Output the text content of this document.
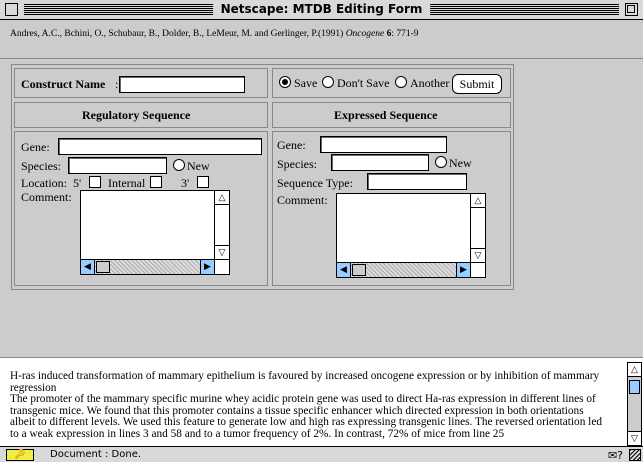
Netscape: MTDB Editing Form
Andres, A.C., Bchini, O., Schubaur, B., Dolder, B., LeMeur, M. and Gerlinger, P.(1991) Oncogene 6: 771-9
Construct Name :	Save Don't Save Another Submit
Regulatory Sequence	Expressed Sequence
Gene:
Species:	New
Location: 5' Internal	3'
Comment:	△
▽
◀	▶
Gene:
Species:	New
Sequence Type:
Comment:	△
▽
◀	▶
H-ras induced transformation of mammary epithelium is favoured by increased oncogene expression or by inhibition of mammary regression
The promoter of the mammary specific murine whey acidic protein gene was used to direct Ha-ras expression in different lines of transgenic mice. We found that this promoter contains a tissue specific enhancer which directed expression in both orientations albeit to different levels. We used this feature to generate low and high ras expressing transgenic lines. The reversed orientation led to a weak expression in lines 3 and 58 and to a tumor frequency of 2%. In contrast, 72% of mice from line 25
△
▽
🔑	Document : Done.	✉?
